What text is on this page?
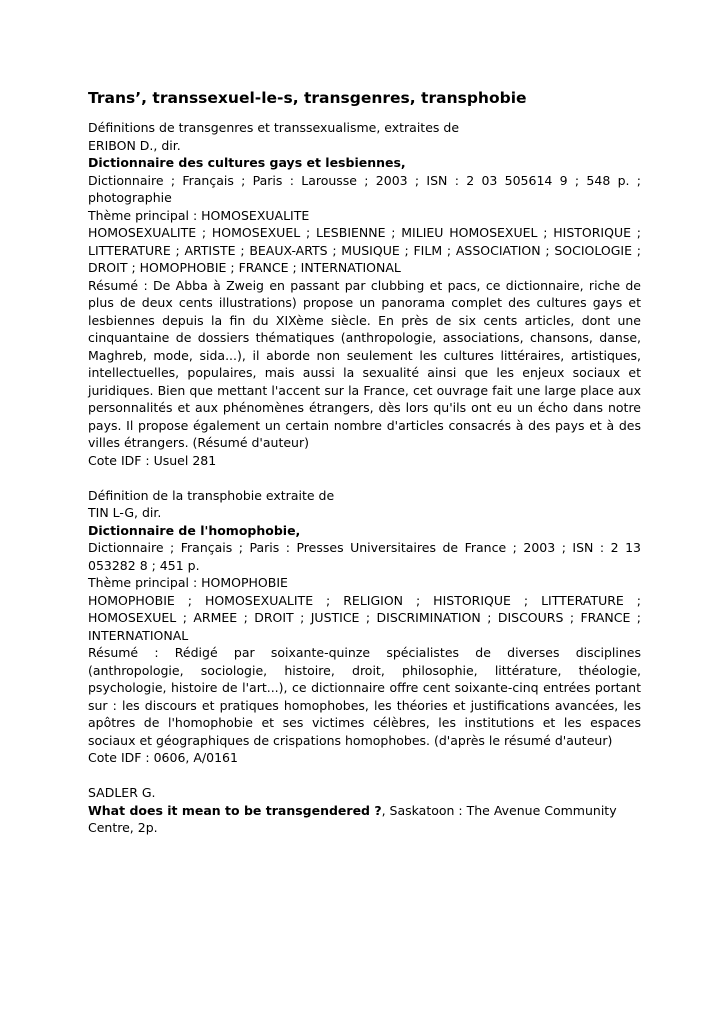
Trans’, transsexuel-le-s, transgenres, transphobie
Définitions de transgenres et transsexualisme, extraites de
ERIBON D., dir.
Dictionnaire des cultures gays et lesbiennes,
Dictionnaire ; Français ; Paris : Larousse ; 2003 ; ISN : 2 03 505614 9 ; 548 p. ; photographie
Thème principal : HOMOSEXUALITE
HOMOSEXUALITE ; HOMOSEXUEL ; LESBIENNE ; MILIEU HOMOSEXUEL ; HISTORIQUE ; LITTERATURE ; ARTISTE ; BEAUX-ARTS ; MUSIQUE ; FILM ; ASSOCIATION ; SOCIOLOGIE ; DROIT ; HOMOPHOBIE ; FRANCE ; INTERNATIONAL
Résumé : De Abba à Zweig en passant par clubbing et pacs, ce dictionnaire, riche de plus de deux cents illustrations) propose un panorama complet des cultures gays et lesbiennes depuis la fin du XIXème siècle. En près de six cents articles, dont une cinquantaine de dossiers thématiques (anthropologie, associations, chansons, danse, Maghreb, mode, sida...), il aborde non seulement les cultures littéraires, artistiques, intellectuelles, populaires, mais aussi la sexualité ainsi que les enjeux sociaux et juridiques. Bien que mettant l'accent sur la France, cet ouvrage fait une large place aux personnalités et aux phénomènes étrangers, dès lors qu'ils ont eu un écho dans notre pays. Il propose également un certain nombre d'articles consacrés à des pays et à des villes étrangers. (Résumé d'auteur)
Cote IDF : Usuel 281
Définition de la transphobie extraite de
TIN L-G, dir.
Dictionnaire de l'homophobie,
Dictionnaire ; Français ; Paris : Presses Universitaires de France ; 2003 ; ISN : 2 13 053282 8 ; 451 p.
Thème principal : HOMOPHOBIE
HOMOPHOBIE ; HOMOSEXUALITE ; RELIGION ; HISTORIQUE ; LITTERATURE ; HOMOSEXUEL ; ARMEE ; DROIT ; JUSTICE ; DISCRIMINATION ; DISCOURS ; FRANCE ; INTERNATIONAL
Résumé : Rédigé par soixante-quinze spécialistes de diverses disciplines (anthropologie, sociologie, histoire, droit, philosophie, littérature, théologie, psychologie, histoire de l'art...), ce dictionnaire offre cent soixante-cinq entrées portant sur : les discours et pratiques homophobes, les théories et justifications avancées, les apôtres de l'homophobie et ses victimes célèbres, les institutions et les espaces sociaux et géographiques de crispations homophobes. (d'après le résumé d'auteur)
Cote IDF : 0606, A/0161
SADLER G.
What does it mean to be transgendered ?, Saskatoon : The Avenue Community Centre, 2p.
